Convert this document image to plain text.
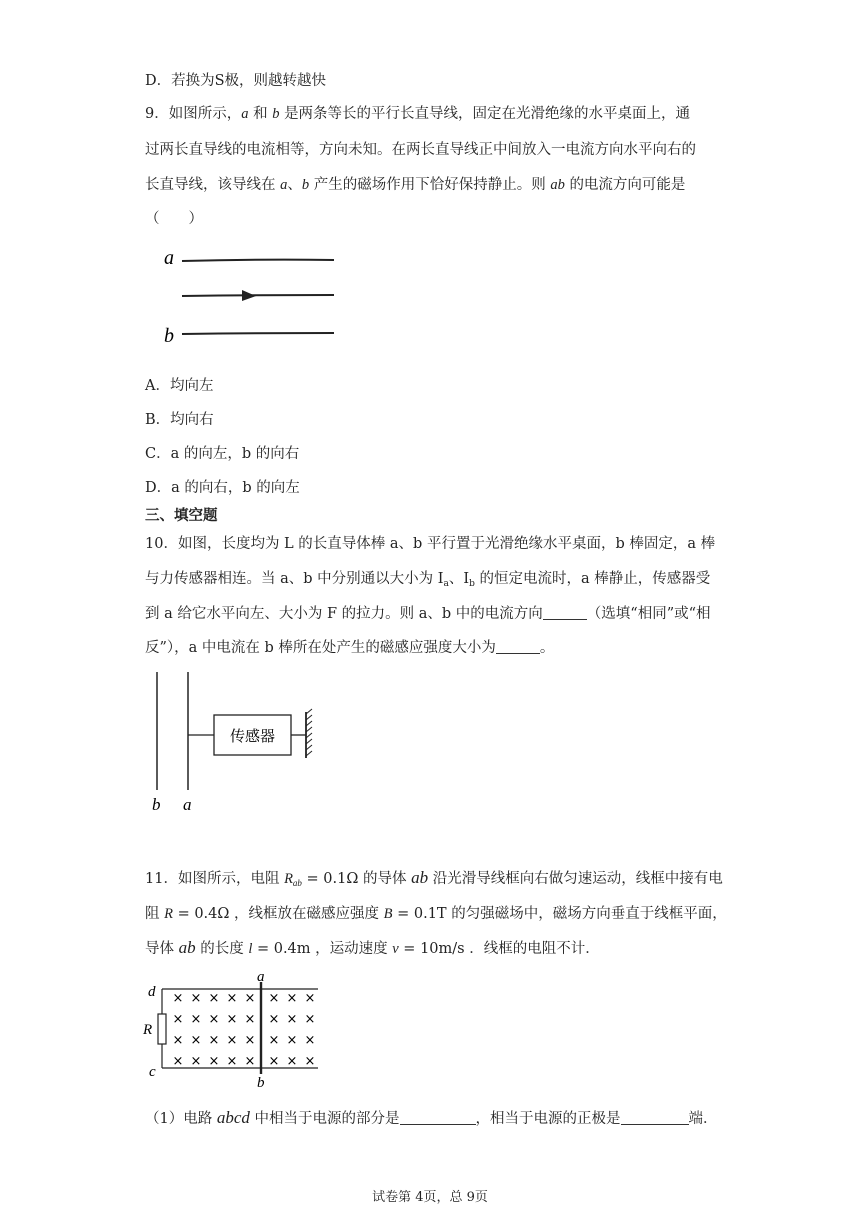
D．若换为S极，则越转越快
9．如图所示，a 和 b 是两条等长的平行长直导线，固定在光滑绝缘的水平桌面上，通
过两长直导线的电流相等，方向未知。在两长直导线正中间放入一电流方向水平向右的
长直导线，该导线在 a、b 产生的磁场作用下恰好保持静止。则 ab 的电流方向可能是
（　　）
a
b
A．均向左
B．均向右
C．a 的向左，b 的向右
D．a 的向右，b 的向左
三、填空题
10．如图，长度均为 L 的长直导体棒 a、b 平行置于光滑绝缘水平桌面，b 棒固定，a 棒
与力传感器相连。当 a、b 中分别通以大小为 $I_a$、$I_b$ 的恒定电流时，a 棒静止，传感器受
到 a 给它水平向左、大小为 F 的拉力。则 a、b 中的电流方向	（选填“相同”或“相
反”），a 中电流在 b 棒所在处产生的磁感应强度大小为	。
传感器
b a
11．如图所示，电阻 $R_{ab} = 0.1\Omega$ 的导体 ab 沿光滑导线框向右做匀速运动，线框中接有电
阻 R = 0.4Ω ，线框放在磁感应强度 B = 0.1T 的匀强磁场中，磁场方向垂直于线框平面，
导体 ab 的长度 l = 0.4m ，运动速度 v = 10m/s ．线框的电阻不计．
× × × × × × × ×
× × × × × × × ×
× × × × × × × ×
× × × × × × × ×
a
b
d
c
R
（1）电路 abcd 中相当于电源的部分是	，相当于电源的正极是	端．
试卷第 4页，总 9页
